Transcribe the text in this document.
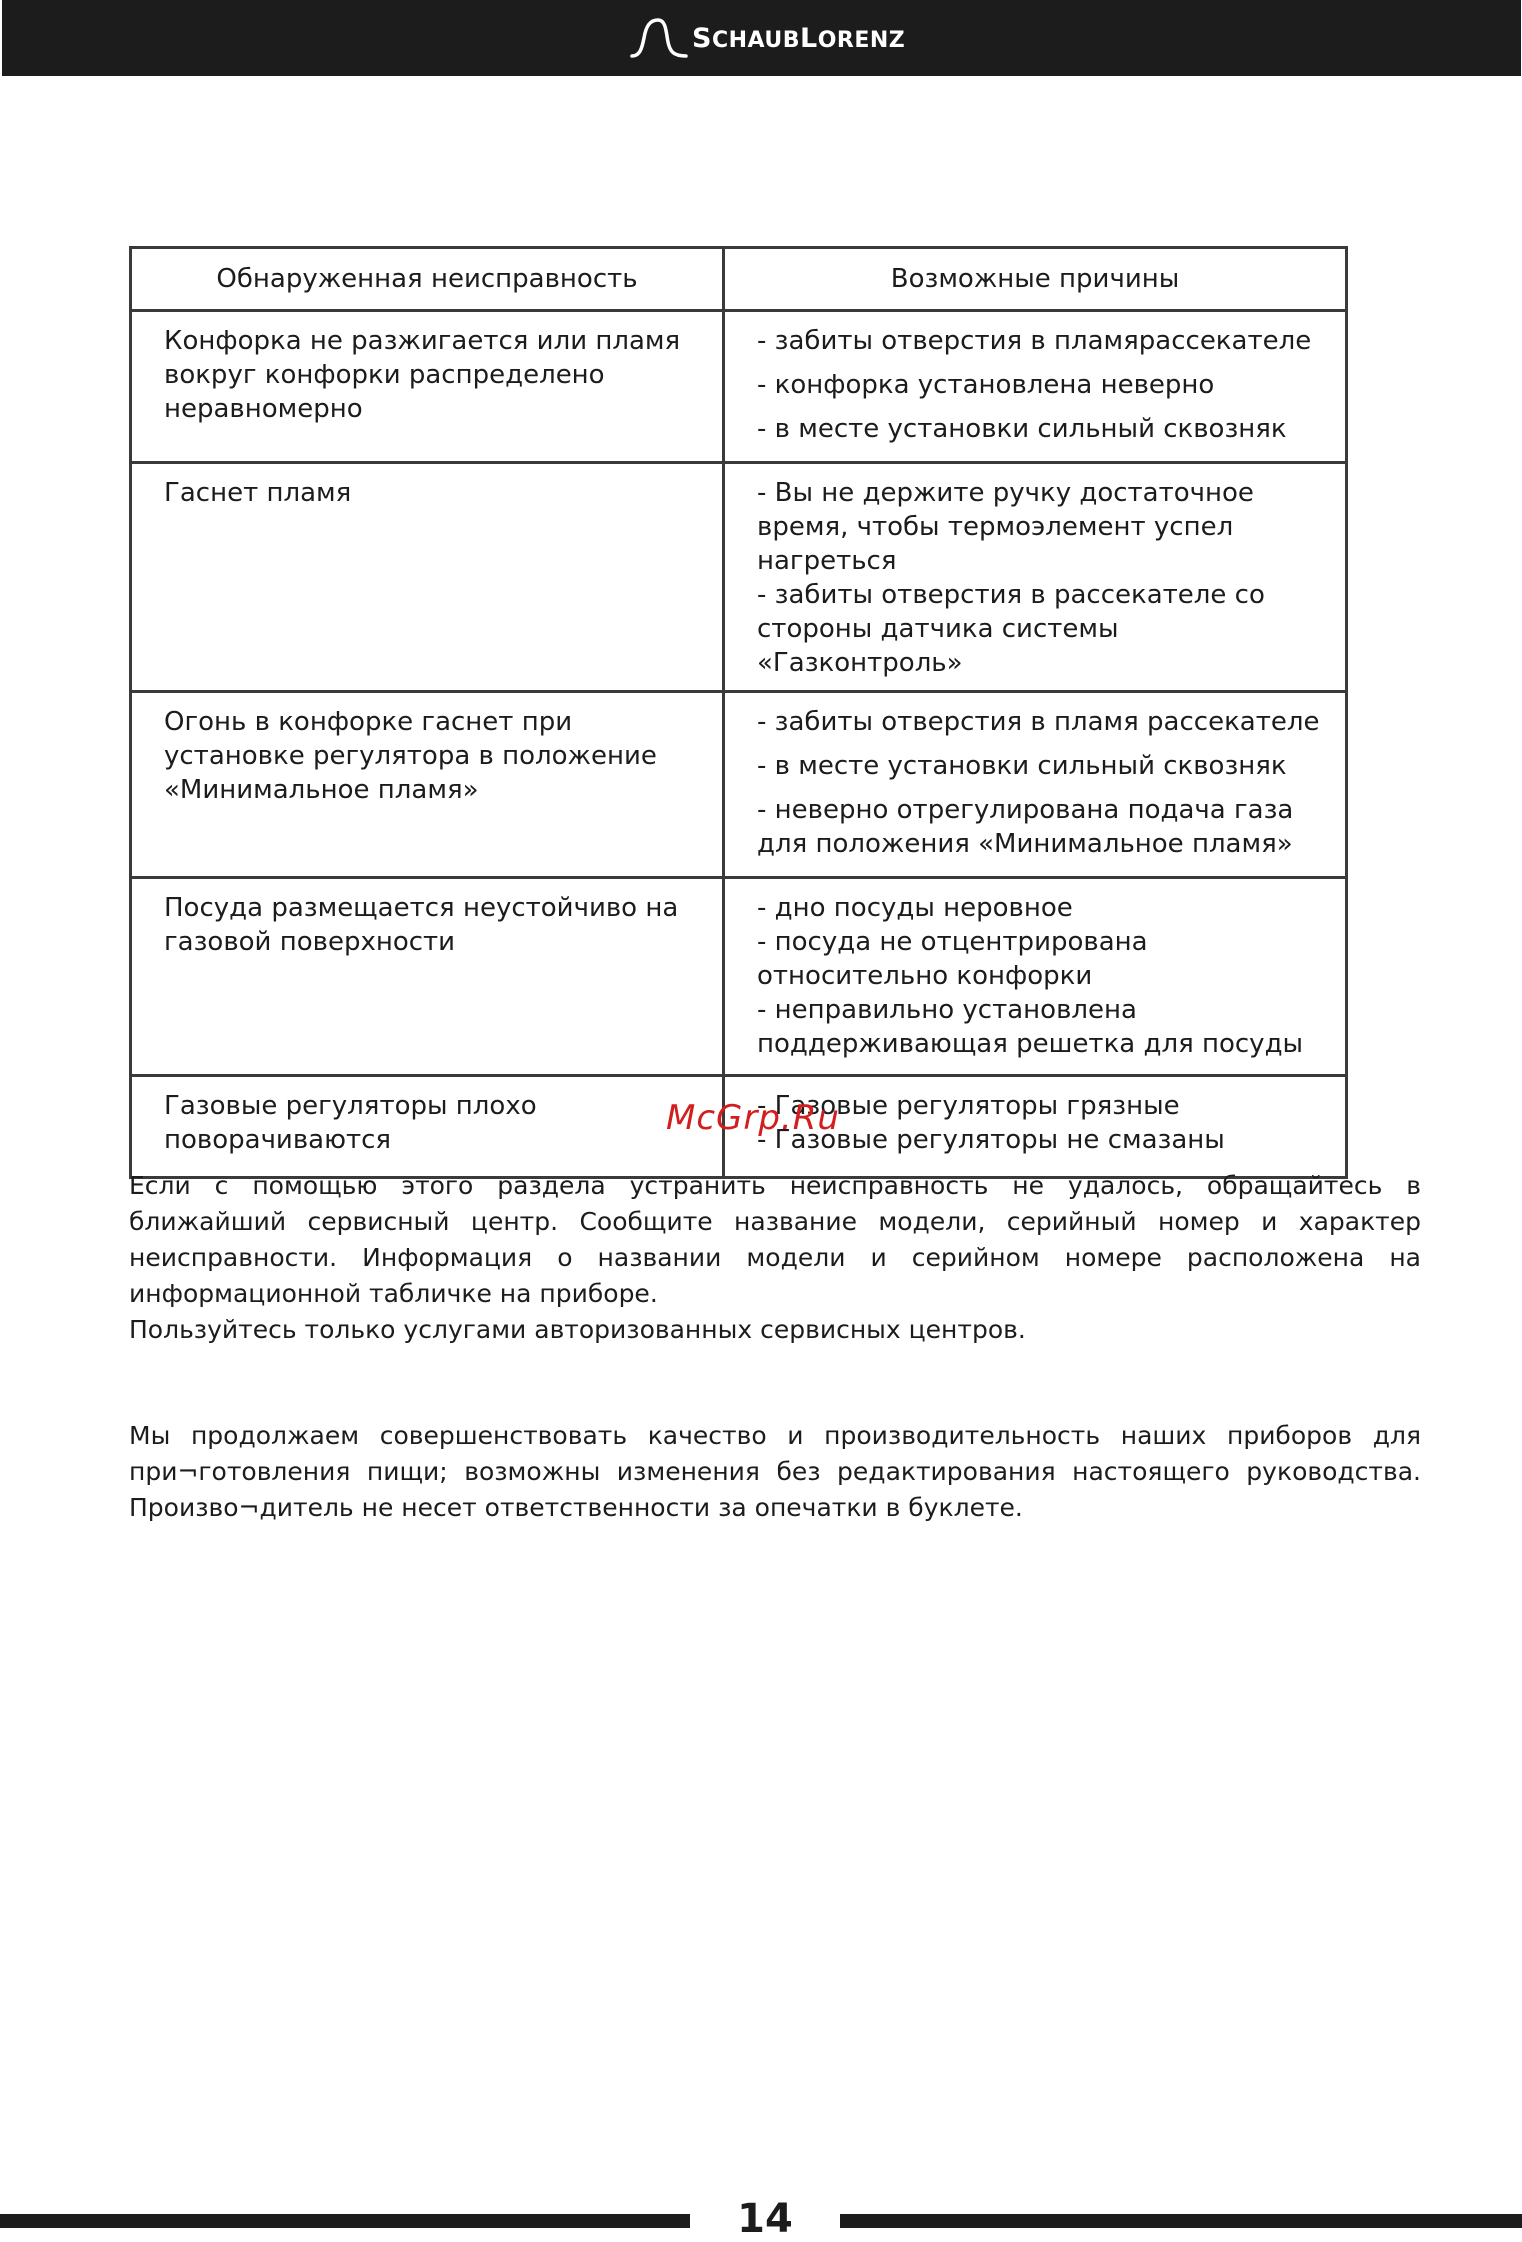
SCHAUBLORENZ
Обнаруженная неисправность	Возможные причины
Конфорка не разжигается или пламя вокруг конфорки распределено неравномерно	- забиты отверстия в пламярассекателе
- конфорка установлена неверно
- в месте установки сильный сквозняк

Гаснет пламя	- Вы не держите ручку достаточное время, чтобы термоэлемент успел нагреться
- забиты отверстия в рассекателе со стороны датчика системы «Газконтроль»

Огонь в конфорке гаснет при установке регулятора в положение «Минимальное пламя»	- забиты отверстия в пламя рассекателе
- в месте установки сильный сквозняк
- неверно отрегулирована подача газа для положения «Минимальное пламя»

Посуда размещается неустойчиво на газовой поверхности	- дно посуды неровное
- посуда не отцентрирована относительно конфорки
- неправильно установлена поддерживающая решетка для посуды

Газовые регуляторы плохо поворачиваются	- Газовые регуляторы грязные
- Газовые регуляторы не смазаны
McGrp.Ru

Если с помощью этого раздела устранить неисправность не удалось, обращайтесь в ближайший сервисный центр. Сообщите название модели, серийный номер и характер неисправности. Информация о названии модели и серийном номере расположена на информационной табличке на приборе.

Пользуйтесь только услугами авторизованных сервисных центров.

Мы продолжаем совершенствовать качество и производительность наших приборов для при¬готовления пищи; возможны изменения без редактирования настоящего руководства. Произво¬дитель не несет ответственности за опечатки в буклете.

14
